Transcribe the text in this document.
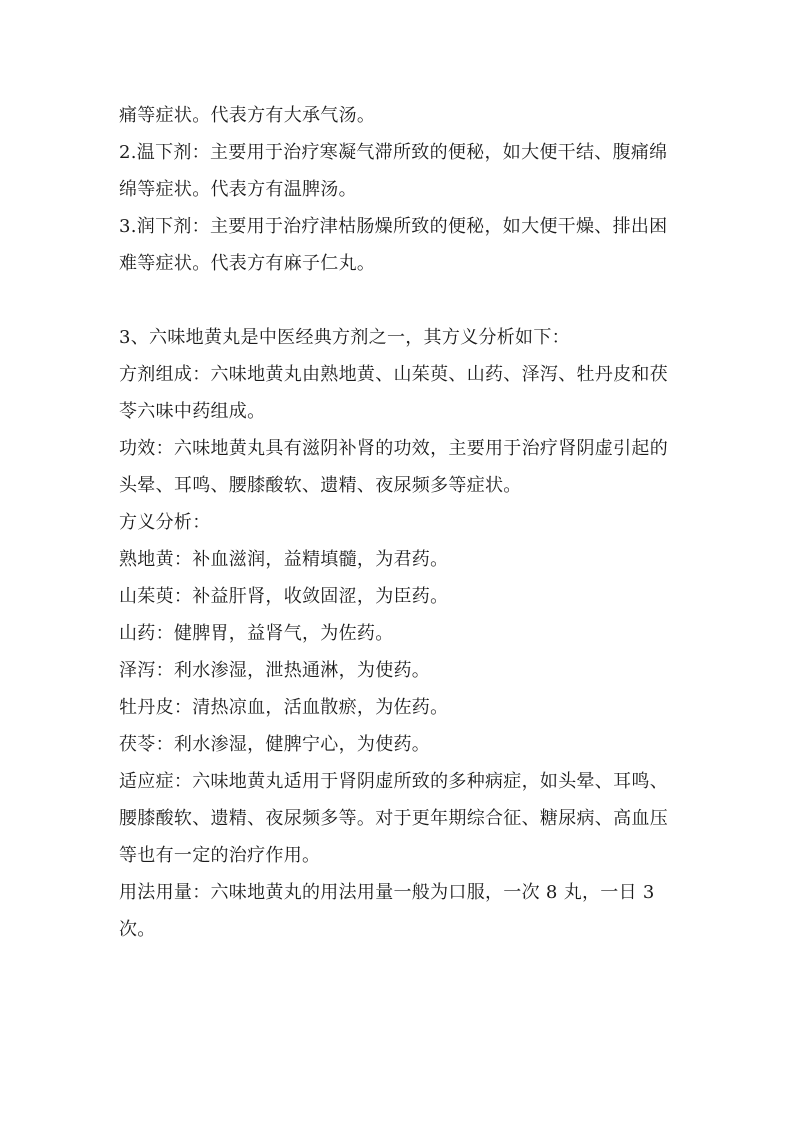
痛等症状。代表方有大承气汤。

2.温下剂：主要用于治疗寒凝气滞所致的便秘，如大便干结、腹痛绵绵等症状。代表方有温脾汤。

3.润下剂：主要用于治疗津枯肠燥所致的便秘，如大便干燥、排出困难等症状。代表方有麻子仁丸。

3、六味地黄丸是中医经典方剂之一，其方义分析如下：

方剂组成：六味地黄丸由熟地黄、山茱萸、山药、泽泻、牡丹皮和茯苓六味中药组成。

功效：六味地黄丸具有滋阴补肾的功效，主要用于治疗肾阴虚引起的头晕、耳鸣、腰膝酸软、遗精、夜尿频多等症状。

方义分析：

熟地黄：补血滋润，益精填髓，为君药。

山茱萸：补益肝肾，收敛固涩，为臣药。

山药：健脾胃，益肾气，为佐药。

泽泻：利水渗湿，泄热通淋，为使药。

牡丹皮：清热凉血，活血散瘀，为佐药。

茯苓：利水渗湿，健脾宁心，为使药。

适应症：六味地黄丸适用于肾阴虚所致的多种病症，如头晕、耳鸣、腰膝酸软、遗精、夜尿频多等。对于更年期综合征、糖尿病、高血压等也有一定的治疗作用。

用法用量：六味地黄丸的用法用量一般为口服，一次 8 丸，一日 3 次。
